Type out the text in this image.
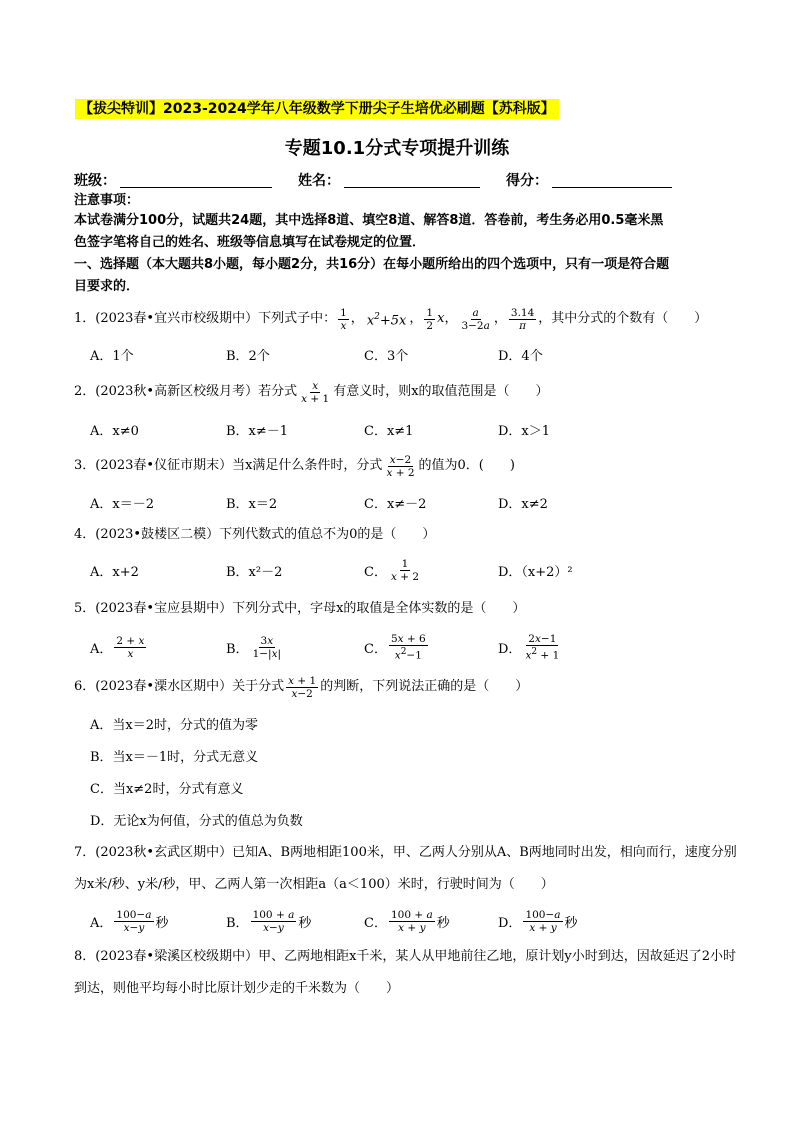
【拔尖特训】2023-2024学年八年级数学下册尖子生培优必刷题【苏科版】
专题10.1分式专项提升训练
班级：	姓名：	得分：
注意事项：
本试卷满分100分，试题共24题，其中选择8道、填空8道、解答8道．答卷前，考生务必用0.5毫米黑
色签字笔将自己的姓名、班级等信息填写在试卷规定的位置．
一、选择题（本大题共8小题，每小题2分，共16分）在每小题所给出的四个选项中，只有一项是符合题
目要求的．
1．(2023春•宜兴市校级期中）下列式子中： $\frac{1}{x}$ ， $x^2+5x$ ， $\frac{1}{2}$ x ， $\frac{a}{3-2a}$ ， $\frac{3.14}{\pi}$ ，其中分式的个数有（　　）
A．1个	B．2个	C．3个	D．4个
2．(2023秋•高新区校级月考）若分式 $\frac{x}{x + 1}$ 有意义时，则x的取值范围是（　　）
A．x≠0	B．x≠－1	C．x≠1	D．x＞1
3．(2023春•仪征市期末）当x满足什么条件时，分式 $\frac{x-2}{x + 2}$ 的值为0．(　　)
A．x＝－2	B．x＝2	C．x≠－2	D．x≠2
4．(2023•鼓楼区二模）下列代数式的值总不为0的是（　　）
A．x+2	B．x²－2	C． $\frac{1}{x + 2}$	D．（x+2）²
5．(2023春•宝应县期中）下列分式中，字母x的取值是全体实数的是（　　）
A． $\frac{2 + x}{x}$	B． $\frac{3x}{1-|x|}$	C． $\frac{5x + 6}{x^2-1}$	D． $\frac{2x-1}{x^2 + 1}$
6．(2023春•溧水区期中）关于分式 $\frac{x + 1}{x-2}$ 的判断，下列说法正确的是（　　）
A．当x＝2时，分式的值为零
B．当x＝－1时，分式无意义
C．当x≠2时，分式有意义
D．无论x为何值，分式的值总为负数
7．(2023秋•玄武区期中）已知A、B两地相距100米，甲、乙两人分别从A、B两地同时出发，相向而行，速度分别为x米/秒、y米/秒，甲、乙两人第一次相距a（a＜100）米时，行驶时间为（　　）
A． $\frac{100-a}{x-y}$ 秒	B． $\frac{100 + a}{x-y}$ 秒	C． $\frac{100 + a}{x + y}$ 秒	D． $\frac{100-a}{x + y}$ 秒
8．(2023春•梁溪区校级期中）甲、乙两地相距x千米，某人从甲地前往乙地，原计划y小时到达，因故延迟了2小时到达，则他平均每小时比原计划少走的千米数为（　　）
